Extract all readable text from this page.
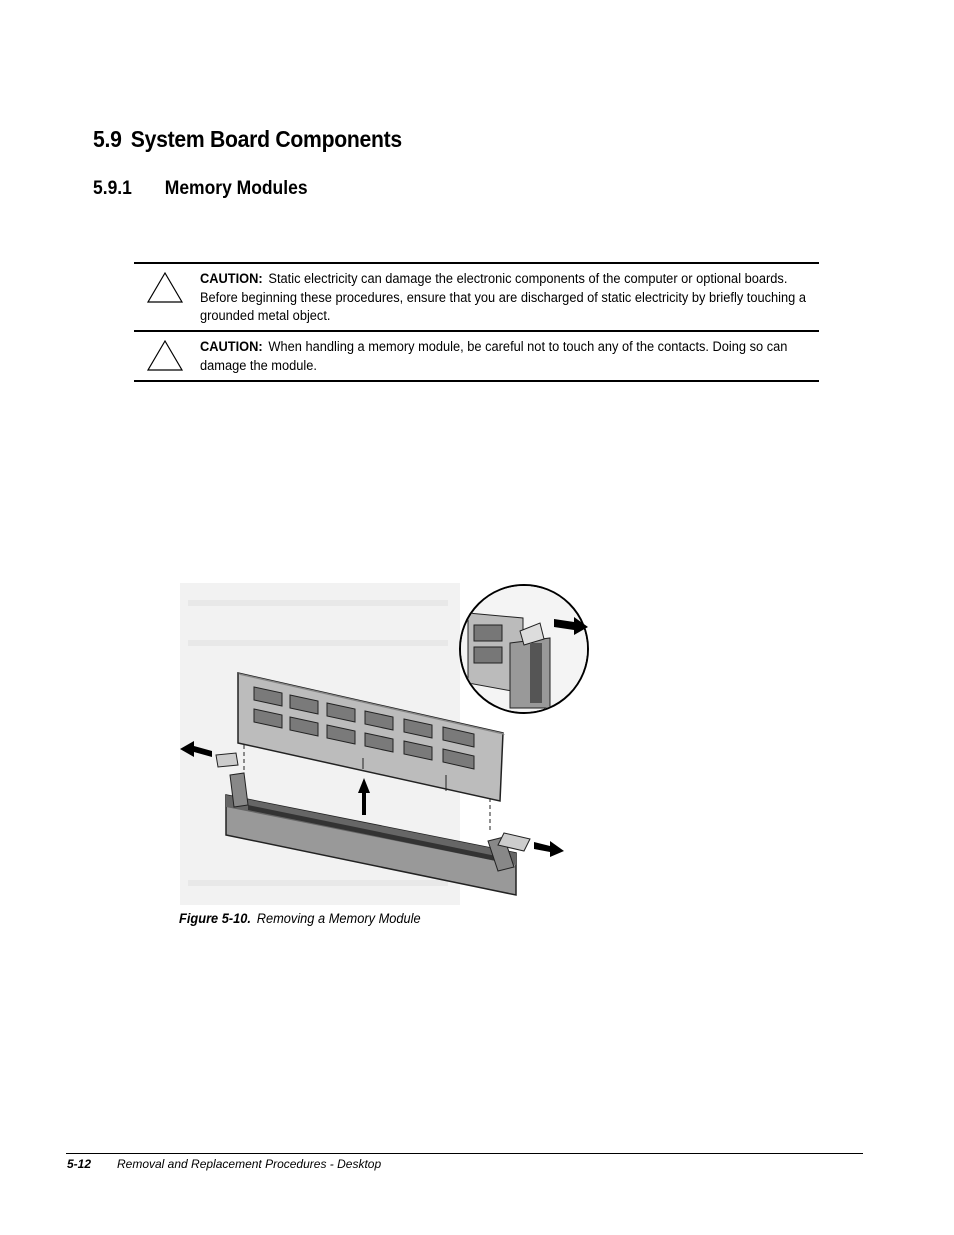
5.9 System Board Components
5.9.1 Memory Modules
CAUTION: Static electricity can damage the electronic components of the computer or optional boards. Before beginning these procedures, ensure that you are discharged of static electricity by briefly touching a grounded metal object.
CAUTION: When handling a memory module, be careful not to touch any of the contacts. Doing so can damage the module.
Figure 5-10. Removing a Memory Module
5-12 Removal and Replacement Procedures - Desktop
